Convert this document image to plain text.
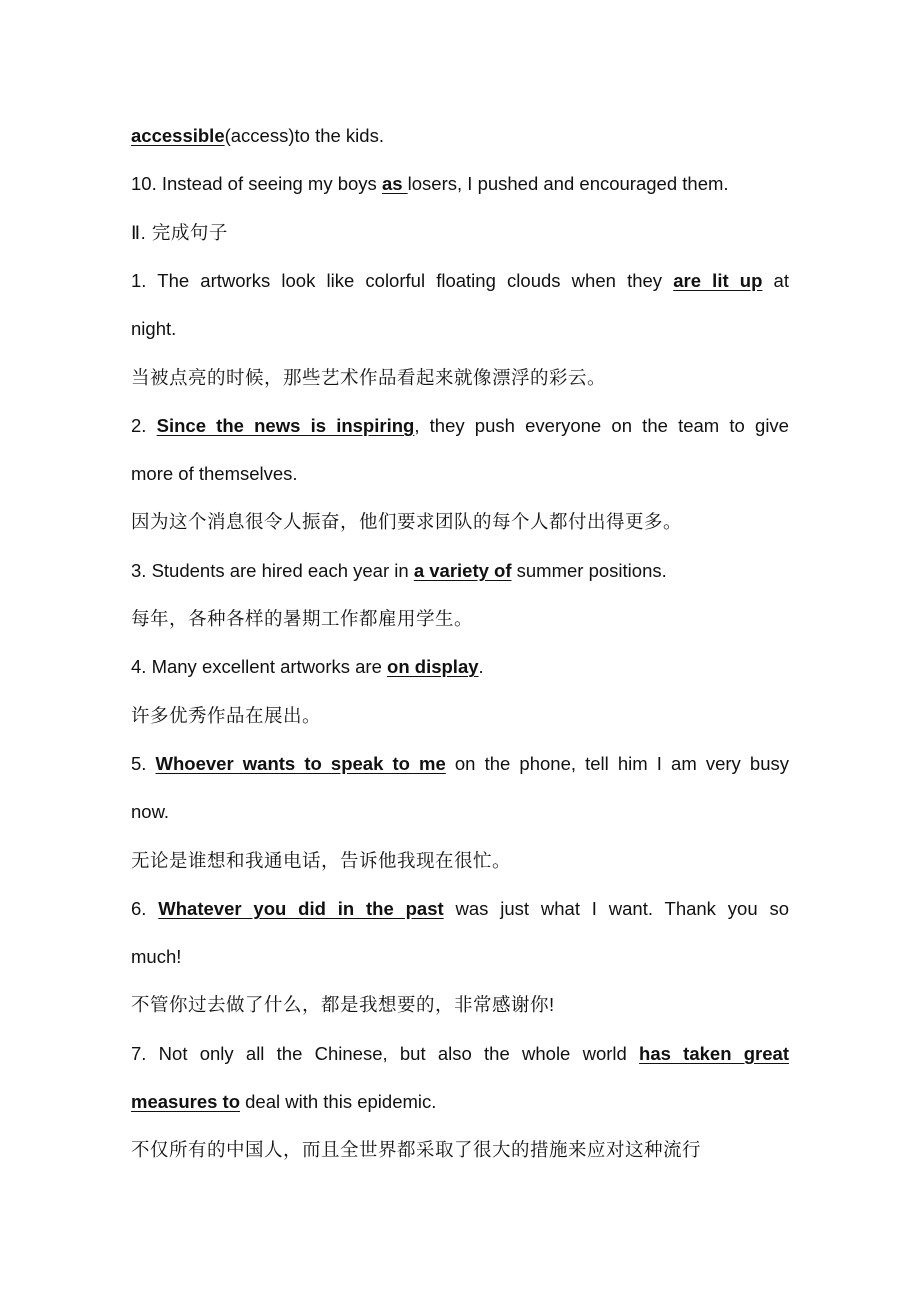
accessible(access)to the kids.
10. Instead of seeing my boys as losers, I pushed and encouraged them.
Ⅱ. 完成句子
1. The artworks look like colorful floating clouds when they are lit up at
night.
当被点亮的时候，那些艺术作品看起来就像漂浮的彩云。
2. Since the news is inspiring, they push everyone on the team to give
more of themselves.
因为这个消息很令人振奋，他们要求团队的每个人都付出得更多。
3. Students are hired each year in a variety of summer positions.
每年，各种各样的暑期工作都雇用学生。
4. Many excellent artworks are on display.
许多优秀作品在展出。
5. Whoever wants to speak to me on the phone, tell him I am very busy
now.
无论是谁想和我通电话，告诉他我现在很忙。
6. Whatever you did in the past was just what I want. Thank you so
much!
不管你过去做了什么，都是我想要的，非常感谢你!
7. Not only all the Chinese, but also the whole world has taken great
measures to deal with this epidemic.
不仅所有的中国人，而且全世界都采取了很大的措施来应对这种流行
